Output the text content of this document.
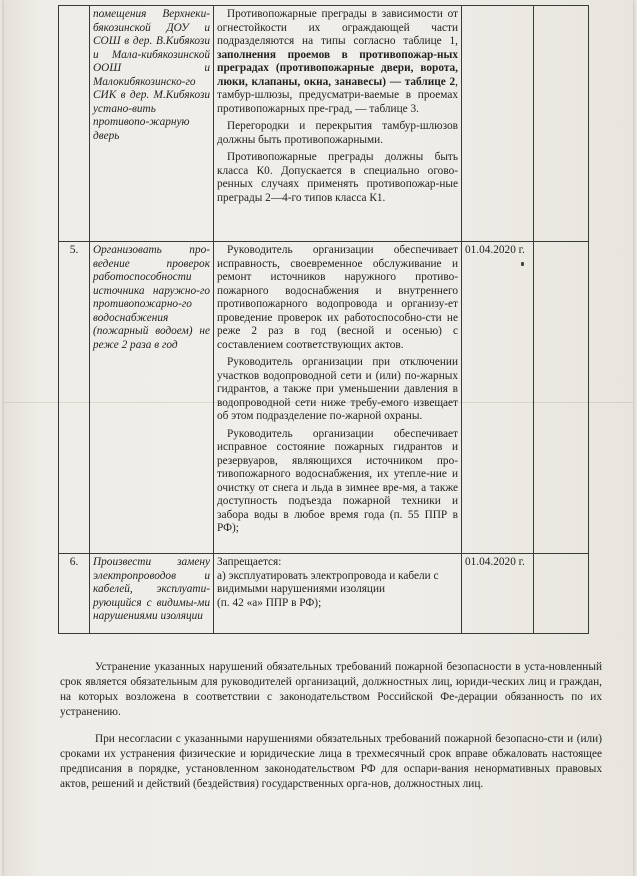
	помещения Верхнеки-бякозинской ДОУ и СОШ в дер. В.Кибякози и Мала-кибякозинской ООШ и Малокибякозинско-го СИК в дер. М.Кибякози устано-вить противопо-жарную дверь	Противопожарные преграды в зависимости от огнестойкости их ограждающей части подразделяются на типы согласно таблице 1, заполнения проемов в противопожар-ных преградах (противопожарные двери, ворота, люки, клапаны, окна, занавесы) — таблице 2, тамбур-шлюзы, предусматри-ваемые в проемах противопожарных пре-град, — таблице 3.

Перегородки и перекрытия тамбур-шлюзов должны быть противопожарными.

Противопожарные преграды должны быть класса К0. Допускается в специально огово-ренных случаях применять противопожар-ные преграды 2—4-го типов класса К1.		

5.	Организовать про-ведение проверок работоспособности источника наружно-го противопожарно-го водоснабжения (пожарный водоем) не реже 2 раза в год	Руководитель организации обеспечивает исправность, своевременное обслуживание и ремонт источников наружного противо-пожарного водоснабжения и внутреннего противопожарного водопровода и организу-ет проведение проверок их работоспособно-сти не реже 2 раз в год (весной и осенью) с составлением соответствующих актов.

Руководитель организации при отключении участков водопроводной сети и (или) по-жарных гидрантов, а также при уменьшении давления в водопроводной сети ниже требу-емого извещает об этом подразделение по-жарной охраны.

Руководитель организации обеспечивает исправное состояние пожарных гидрантов и резервуаров, являющихся источником про-тивопожарного водоснабжения, их утепле-ние и очистку от снега и льда в зимнее вре-мя, а также доступность подъезда пожарной техники и забора воды в любое время года (п. 55 ППР в РФ);	01.04.2020 г.	
6.	Произвести замену электропроводов и кабелей, эксплуати-рующийся с видимы-ми нарушениями изоляции	Запрещается:

а) эксплуатировать электропровода и кабели с видимыми нарушениями изоляции

(п. 42 «а» ППР в РФ);	01.04.2020 г.	

Устранение указанных нарушений обязательных требований пожарной безопасности в уста-новленный срок является обязательным для руководителей организаций, должностных лиц, юриди-ческих лиц и граждан, на которых возложена в соответствии с законодательством Российской Фе-дерации обязанность по их устранению.

При несогласии с указанными нарушениями обязательных требований пожарной безопасно-сти и (или) сроками их устранения физические и юридические лица в трехмесячный срок вправе обжаловать настоящее предписания в порядке, установленном законодательством РФ для оспари-вания ненормативных правовых актов, решений и действий (бездействия) государственных орга-нов, должностных лиц.
